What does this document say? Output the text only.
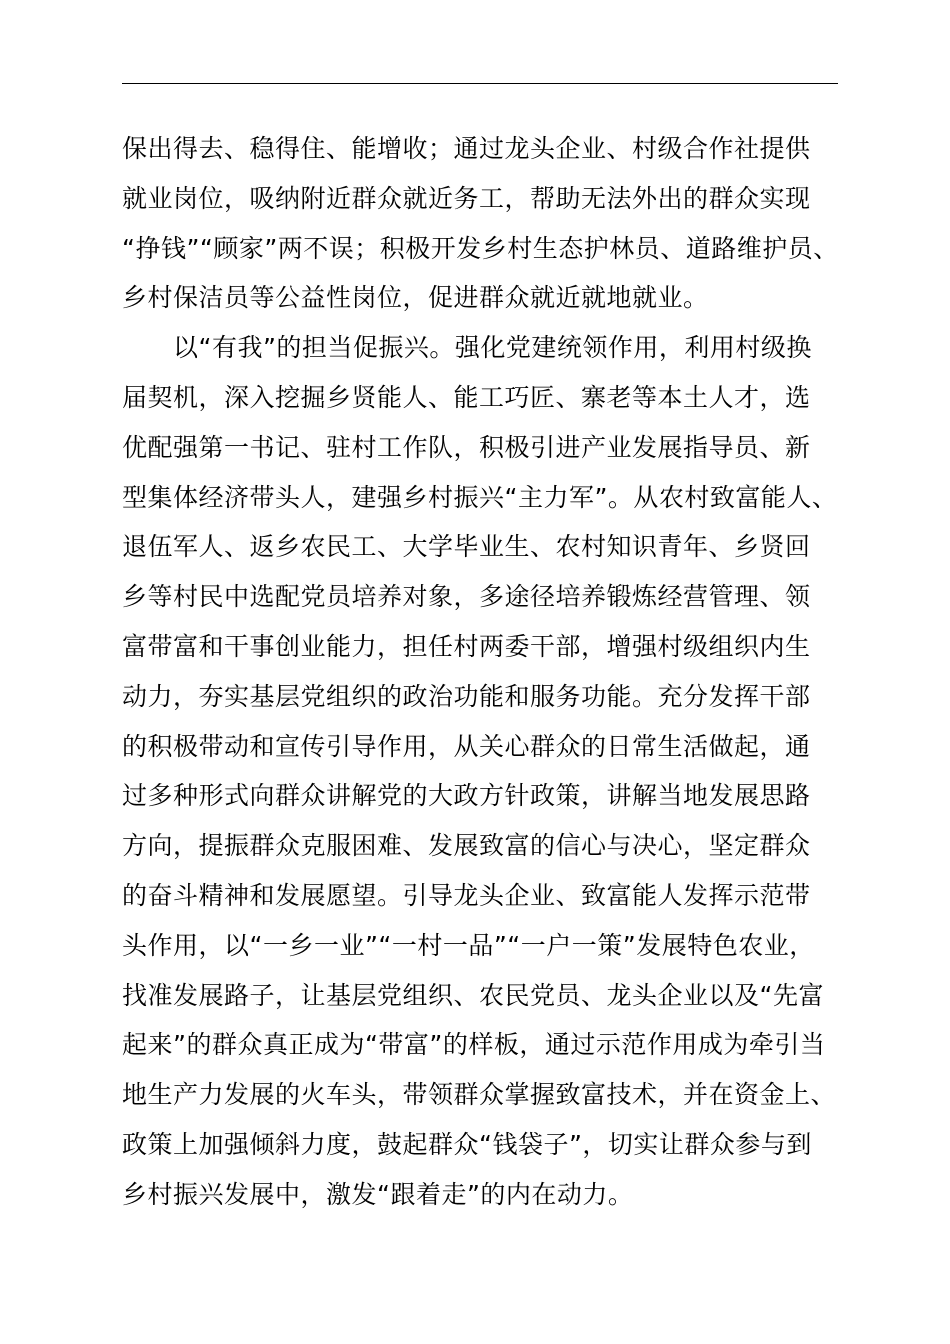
保出得去、稳得住、能增收；通过龙头企业、村级合作社提供
就业岗位，吸纳附近群众就近务工，帮助无法外出的群众实现
“挣钱”“顾家”两不误；积极开发乡村生态护林员、道路维护员、
乡村保洁员等公益性岗位，促进群众就近就地就业。
　　以“有我”的担当促振兴。强化党建统领作用，利用村级换
届契机，深入挖掘乡贤能人、能工巧匠、寨老等本土人才，选
优配强第一书记、驻村工作队，积极引进产业发展指导员、新
型集体经济带头人，建强乡村振兴“主力军”。从农村致富能人、
退伍军人、返乡农民工、大学毕业生、农村知识青年、乡贤回
乡等村民中选配党员培养对象，多途径培养锻炼经营管理、领
富带富和干事创业能力，担任村两委干部，增强村级组织内生
动力，夯实基层党组织的政治功能和服务功能。充分发挥干部
的积极带动和宣传引导作用，从关心群众的日常生活做起，通
过多种形式向群众讲解党的大政方针政策，讲解当地发展思路
方向，提振群众克服困难、发展致富的信心与决心，坚定群众
的奋斗精神和发展愿望。引导龙头企业、致富能人发挥示范带
头作用，以“一乡一业”“一村一品”“一户一策”发展特色农业，
找准发展路子，让基层党组织、农民党员、龙头企业以及“先富
起来”的群众真正成为“带富”的样板，通过示范作用成为牵引当
地生产力发展的火车头，带领群众掌握致富技术，并在资金上、
政策上加强倾斜力度，鼓起群众“钱袋子”，切实让群众参与到
乡村振兴发展中，激发“跟着走”的内在动力。
